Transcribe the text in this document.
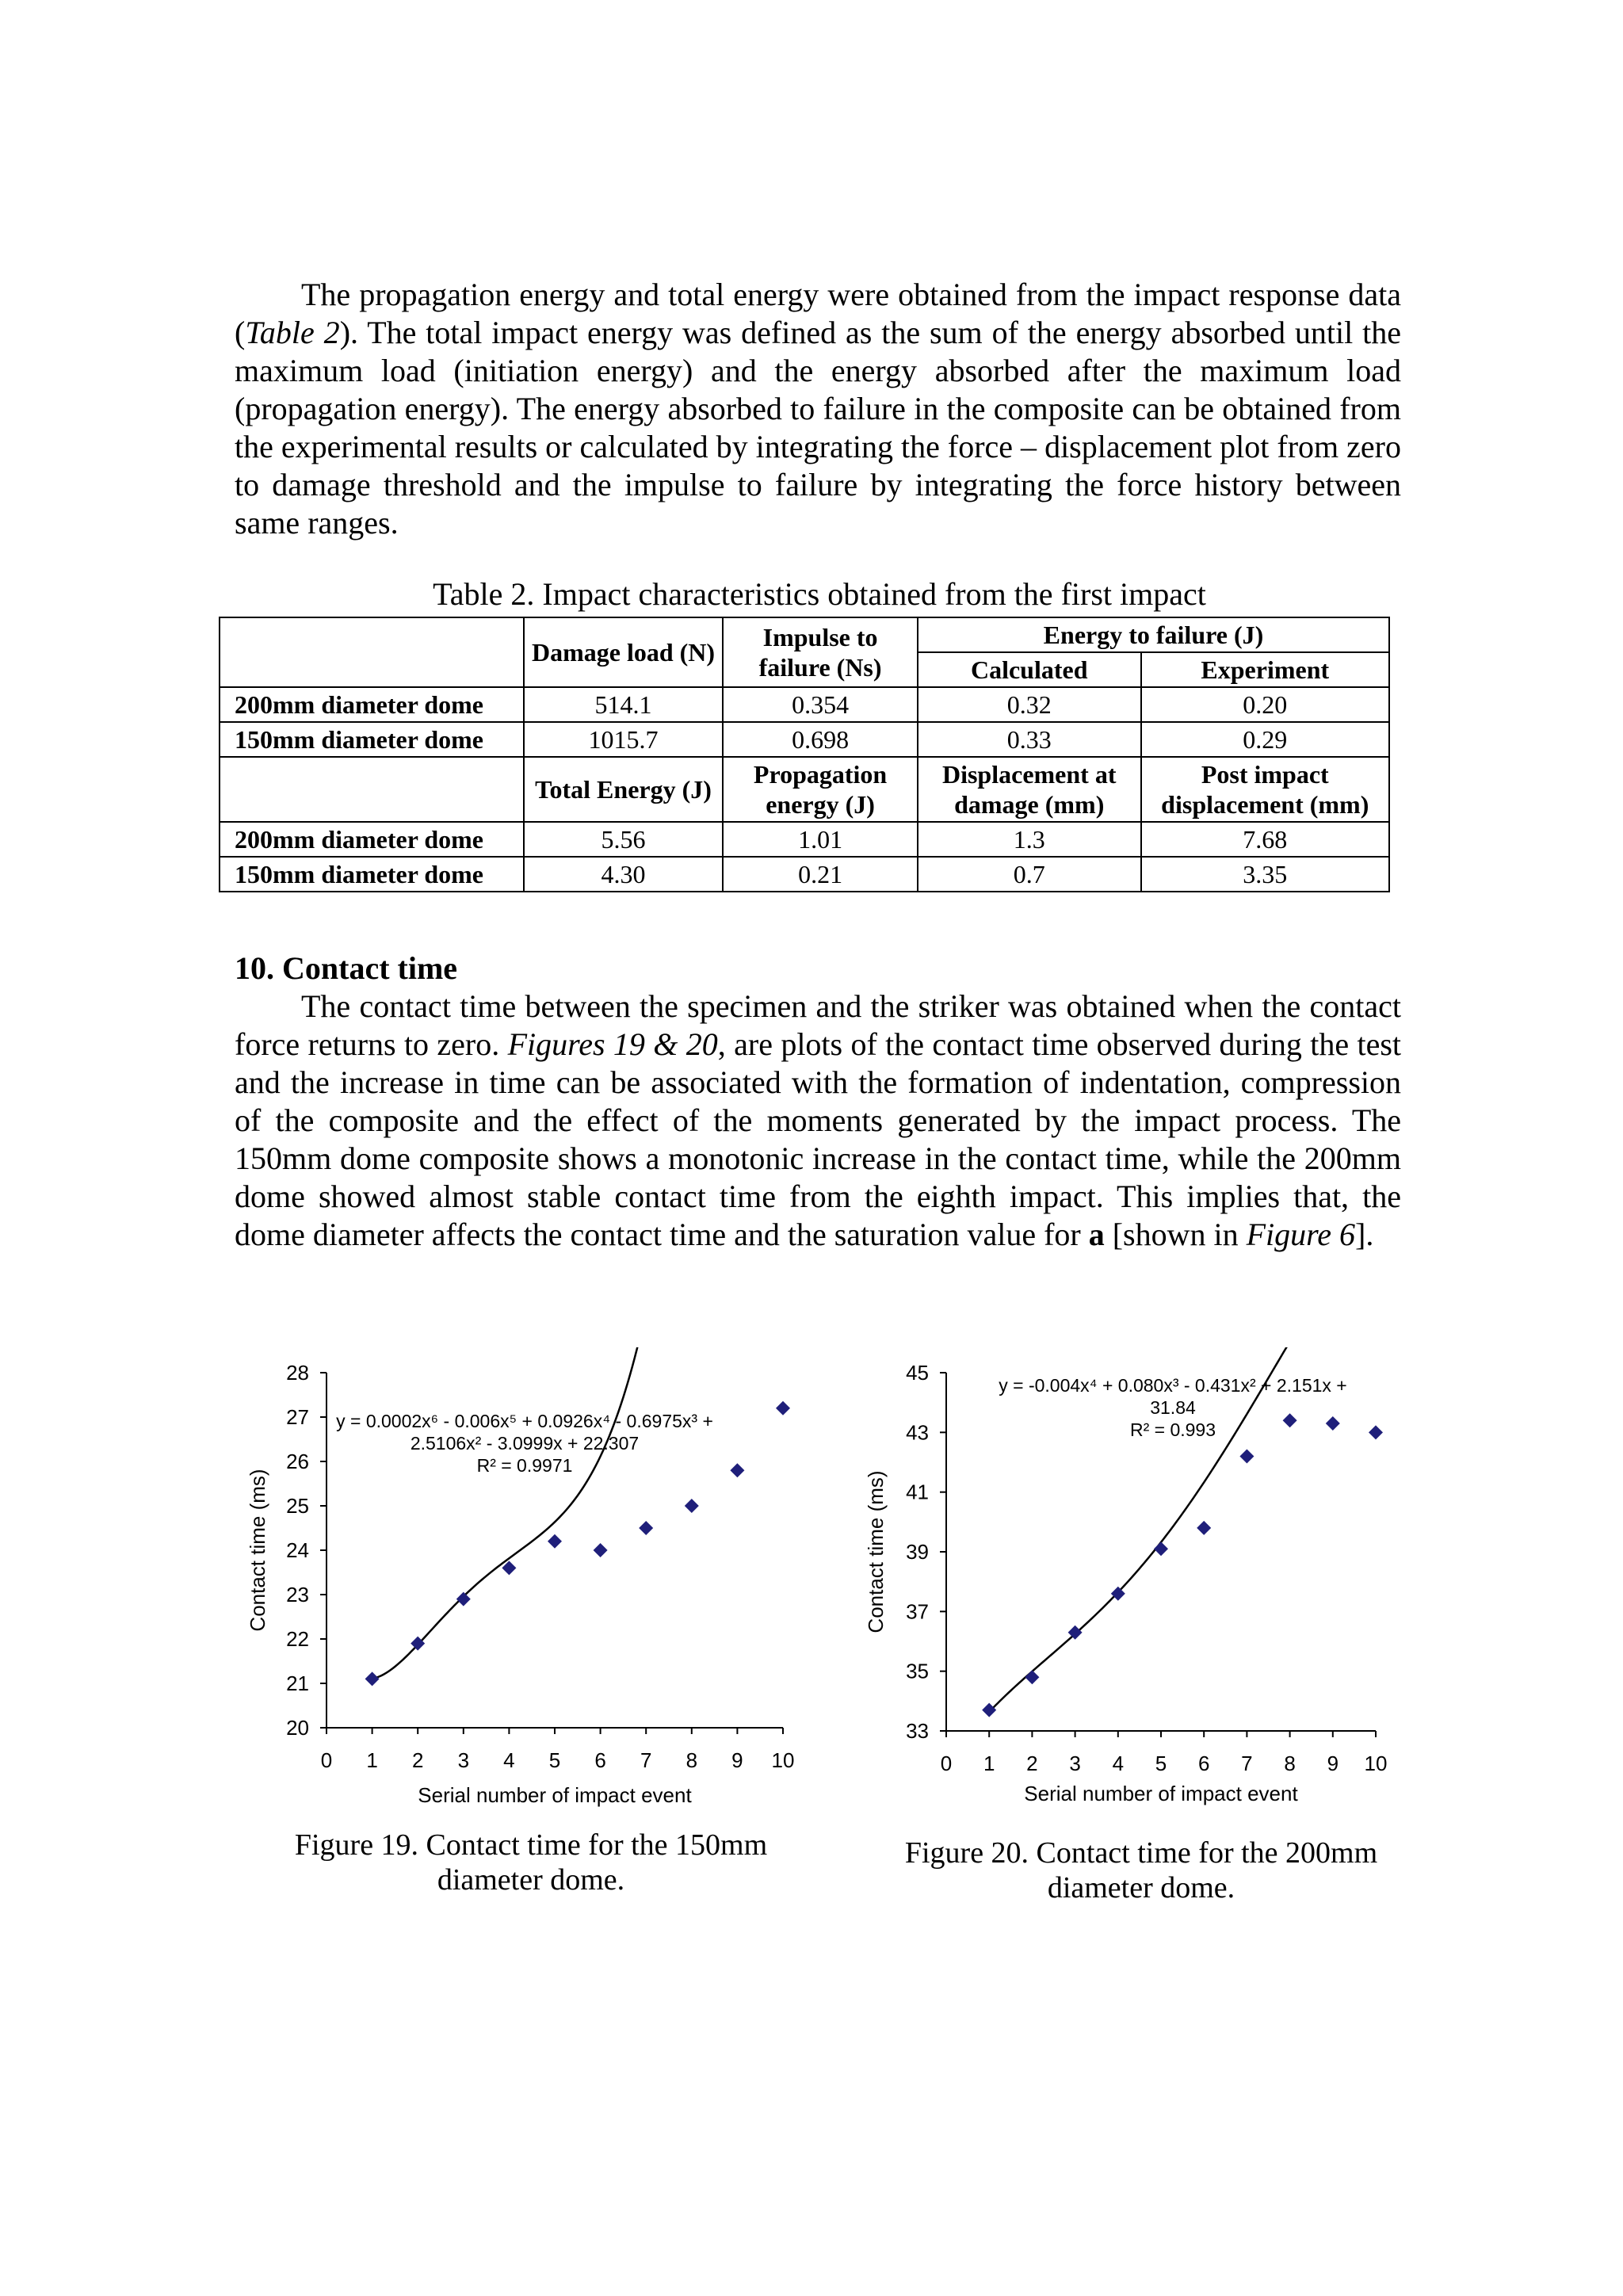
The propagation energy and total energy were obtained from the impact response data (Table 2). The total impact energy was defined as the sum of the energy absorbed until the maximum load (initiation energy) and the energy absorbed after the maximum load (propagation energy). The energy absorbed to failure in the composite can be obtained from the experimental results or calculated by integrating the force – displacement plot from zero to damage threshold and the impulse to failure by integrating the force history between same ranges.

Table 2. Impact characteristics obtained from the first impact

	Damage load (N)	Impulse to failure (Ns)	Energy to failure (J)	
			Calculated	Experiment
200mm diameter dome	514.1	0.354	0.32	0.20
150mm diameter dome	1015.7	0.698	0.33	0.29
	Total Energy (J)	Propagation energy (J)	Displacement at damage (mm)	Post impact displacement (mm)
200mm diameter dome	5.56	1.01	1.3	7.68
150mm diameter dome	4.30	0.21	0.7	3.35
10. Contact time

The contact time between the specimen and the striker was obtained when the contact force returns to zero. Figures 19 & 20, are plots of the contact time observed during the test and the increase in time can be associated with the formation of indentation, compression of the composite and the effect of the moments generated by the impact process. The 150mm dome composite shows a monotonic increase in the contact time, while the 200mm dome showed almost stable contact time from the eighth impact. This implies that, the dome diameter affects the contact time and the saturation value for a [shown in Figure 6].

20
21
22
23
24
25
26
27
28
0 1 2 3 4 5 6 7 8 9 10
Serial number of impact event
Contact time (ms)
y = 0.0002x⁶ - 0.006x⁵ + 0.0926x⁴ - 0.6975x³ +
2.5106x² - 3.0999x + 22.307
R² = 0.9971
33
35
37
39
41
43
45
0 1 2 3 4 5 6 7 8 9 10
Serial number of impact event
Contact time (ms)
y = -0.004x⁴ + 0.080x³ - 0.431x² + 2.151x +
31.84
R² = 0.993

Figure 19. Contact time for the 150mm diameter dome.

Figure 20. Contact time for the 200mm diameter dome.
